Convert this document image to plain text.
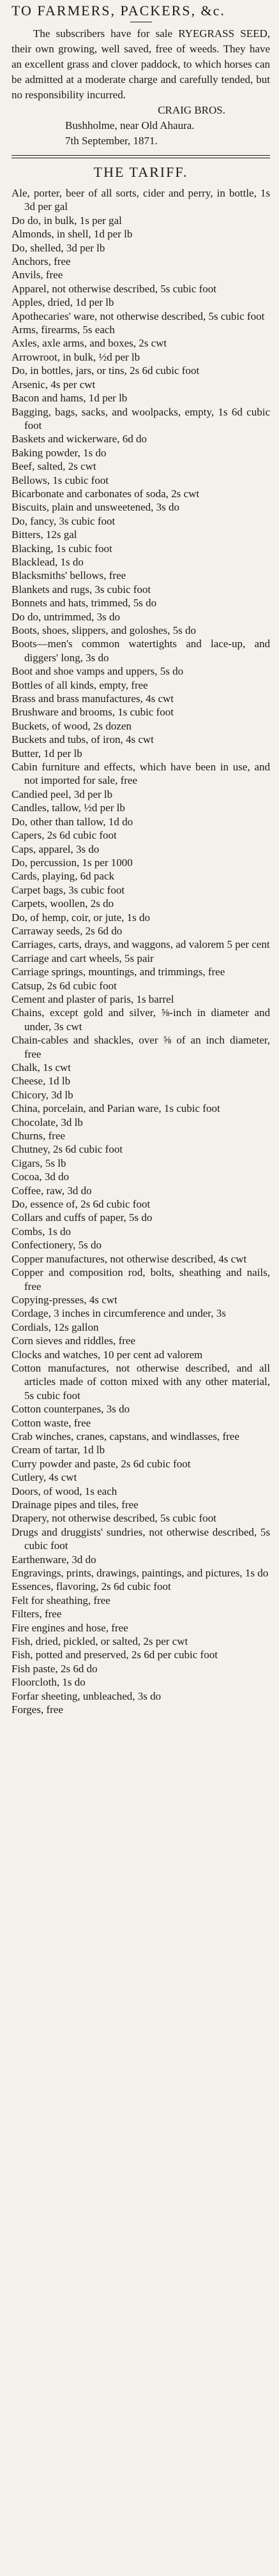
TO FARMERS, PACKERS, &c.

The subscribers have for sale RYEGRASS SEED, their own growing, well saved, free of weeds. They have an excellent grass and clover paddock, to which horses can be admitted at a moderate charge and carefully tended, but no responsibility incurred.

CRAIG BROS.
Bushholme, near Old Ahaura.
7th September, 1871.
THE TARIFF.
Ale, porter, beer of all sorts, cider and perry, in bottle, 1s 3d per gal
Do do, in bulk, 1s per gal
Almonds, in shell, 1d per lb
Do, shelled, 3d per lb
Anchors, free
Anvils, free
Apparel, not otherwise described, 5s cubic foot
Apples, dried, 1d per lb
Apothecaries' ware, not otherwise described, 5s cubic foot
Arms, firearms, 5s each
Axles, axle arms, and boxes, 2s cwt
Arrowroot, in bulk, ½d per lb
Do, in bottles, jars, or tins, 2s 6d cubic foot
Arsenic, 4s per cwt
Bacon and hams, 1d per lb
Bagging, bags, sacks, and woolpacks, empty, 1s 6d cubic foot
Baskets and wickerware, 6d do
Baking powder, 1s do
Beef, salted, 2s cwt
Bellows, 1s cubic foot
Bicarbonate and carbonates of soda, 2s cwt
Biscuits, plain and unsweetened, 3s do
Do, fancy, 3s cubic foot
Bitters, 12s gal
Blacking, 1s cubic foot
Blacklead, 1s do
Blacksmiths' bellows, free
Blankets and rugs, 3s cubic foot
Bonnets and hats, trimmed, 5s do
Do do, untrimmed, 3s do
Boots, shoes, slippers, and goloshes, 5s do
Boots—men's common watertights and lace-up, and diggers' long, 3s do
Boot and shoe vamps and uppers, 5s do
Bottles of all kinds, empty, free
Brass and brass manufactures, 4s cwt
Brushware and brooms, 1s cubic foot
Buckets, of wood, 2s dozen
Buckets and tubs, of iron, 4s cwt
Butter, 1d per lb
Cabin furniture and effects, which have been in use, and not imported for sale, free
Candied peel, 3d per lb
Candles, tallow, ½d per lb
Do, other than tallow, 1d do
Capers, 2s 6d cubic foot
Caps, apparel, 3s do
Do, percussion, 1s per 1000
Cards, playing, 6d pack
Carpet bags, 3s cubic foot
Carpets, woollen, 2s do
Do, of hemp, coir, or jute, 1s do
Carraway seeds, 2s 6d do
Carriages, carts, drays, and waggons, ad valorem 5 per cent
Carriage and cart wheels, 5s pair
Carriage springs, mountings, and trimmings, free
Catsup, 2s 6d cubic foot
Cement and plaster of paris, 1s barrel
Chains, except gold and silver, ⅝-inch in diameter and under, 3s cwt
Chain-cables and shackles, over ⅝ of an inch diameter, free
Chalk, 1s cwt
Cheese, 1d lb
Chicory, 3d lb
China, porcelain, and Parian ware, 1s cubic foot
Chocolate, 3d lb
Churns, free
Chutney, 2s 6d cubic foot
Cigars, 5s lb
Cocoa, 3d do
Coffee, raw, 3d do
Do, essence of, 2s 6d cubic foot
Collars and cuffs of paper, 5s do
Combs, 1s do
Confectionery, 5s do
Copper manufactures, not otherwise described, 4s cwt
Copper and composition rod, bolts, sheathing and nails, free
Copying-presses, 4s cwt
Cordage, 3 inches in circumference and under, 3s
Cordials, 12s gallon
Corn sieves and riddles, free
Clocks and watches, 10 per cent ad valorem
Cotton manufactures, not otherwise described, and all articles made of cotton mixed with any other material, 5s cubic foot
Cotton counterpanes, 3s do
Cotton waste, free
Crab winches, cranes, capstans, and windlasses, free
Cream of tartar, 1d lb
Curry powder and paste, 2s 6d cubic foot
Cutlery, 4s cwt
Doors, of wood, 1s each
Drainage pipes and tiles, free
Drapery, not otherwise described, 5s cubic foot
Drugs and druggists' sundries, not otherwise described, 5s cubic foot
Earthenware, 3d do
Engravings, prints, drawings, paintings, and pictures, 1s do
Essences, flavoring, 2s 6d cubic foot
Felt for sheathing, free
Filters, free
Fire engines and hose, free
Fish, dried, pickled, or salted, 2s per cwt
Fish, potted and preserved, 2s 6d per cubic foot
Fish paste, 2s 6d do
Floorcloth, 1s do
Forfar sheeting, unbleached, 3s do
Forges, free
